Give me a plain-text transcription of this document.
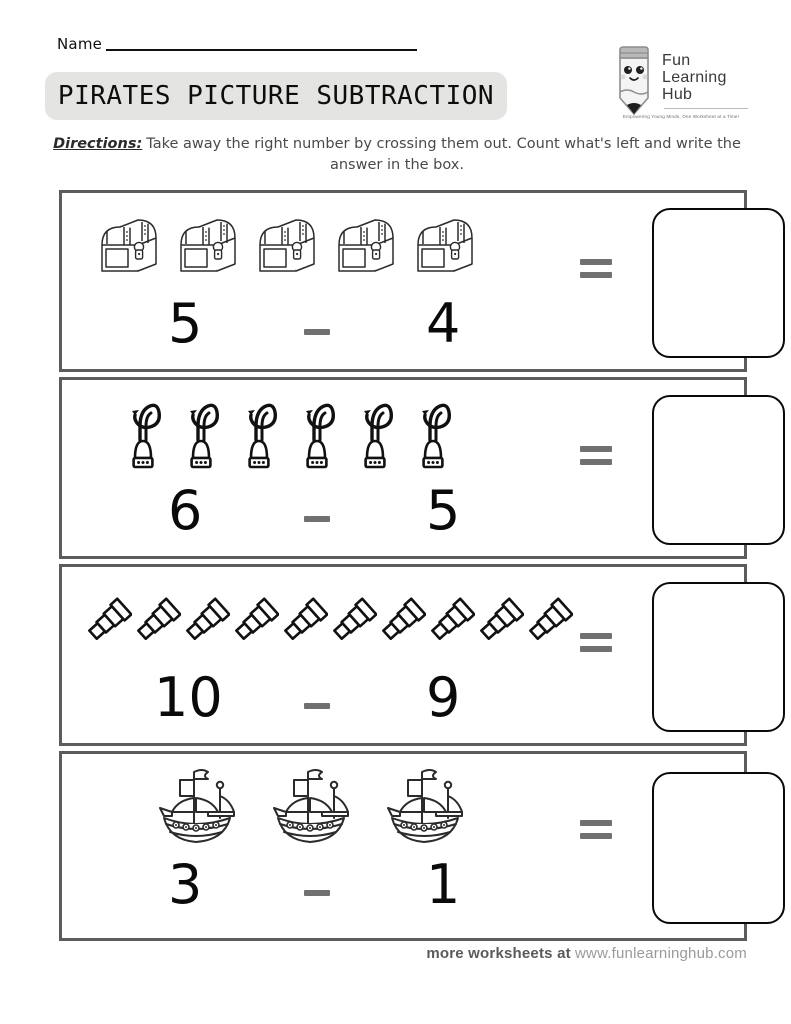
Name
PIRATES PICTURE SUBTRACTION
Fun
Learning
Hub
Empowering Young Minds, One Worksheet at a Time!
Directions: Take away the right number by crossing them out. Count what's left and write the answer in the box.
5	4
6	5
10	9
3	1
more worksheets at www.funlearninghub.com
